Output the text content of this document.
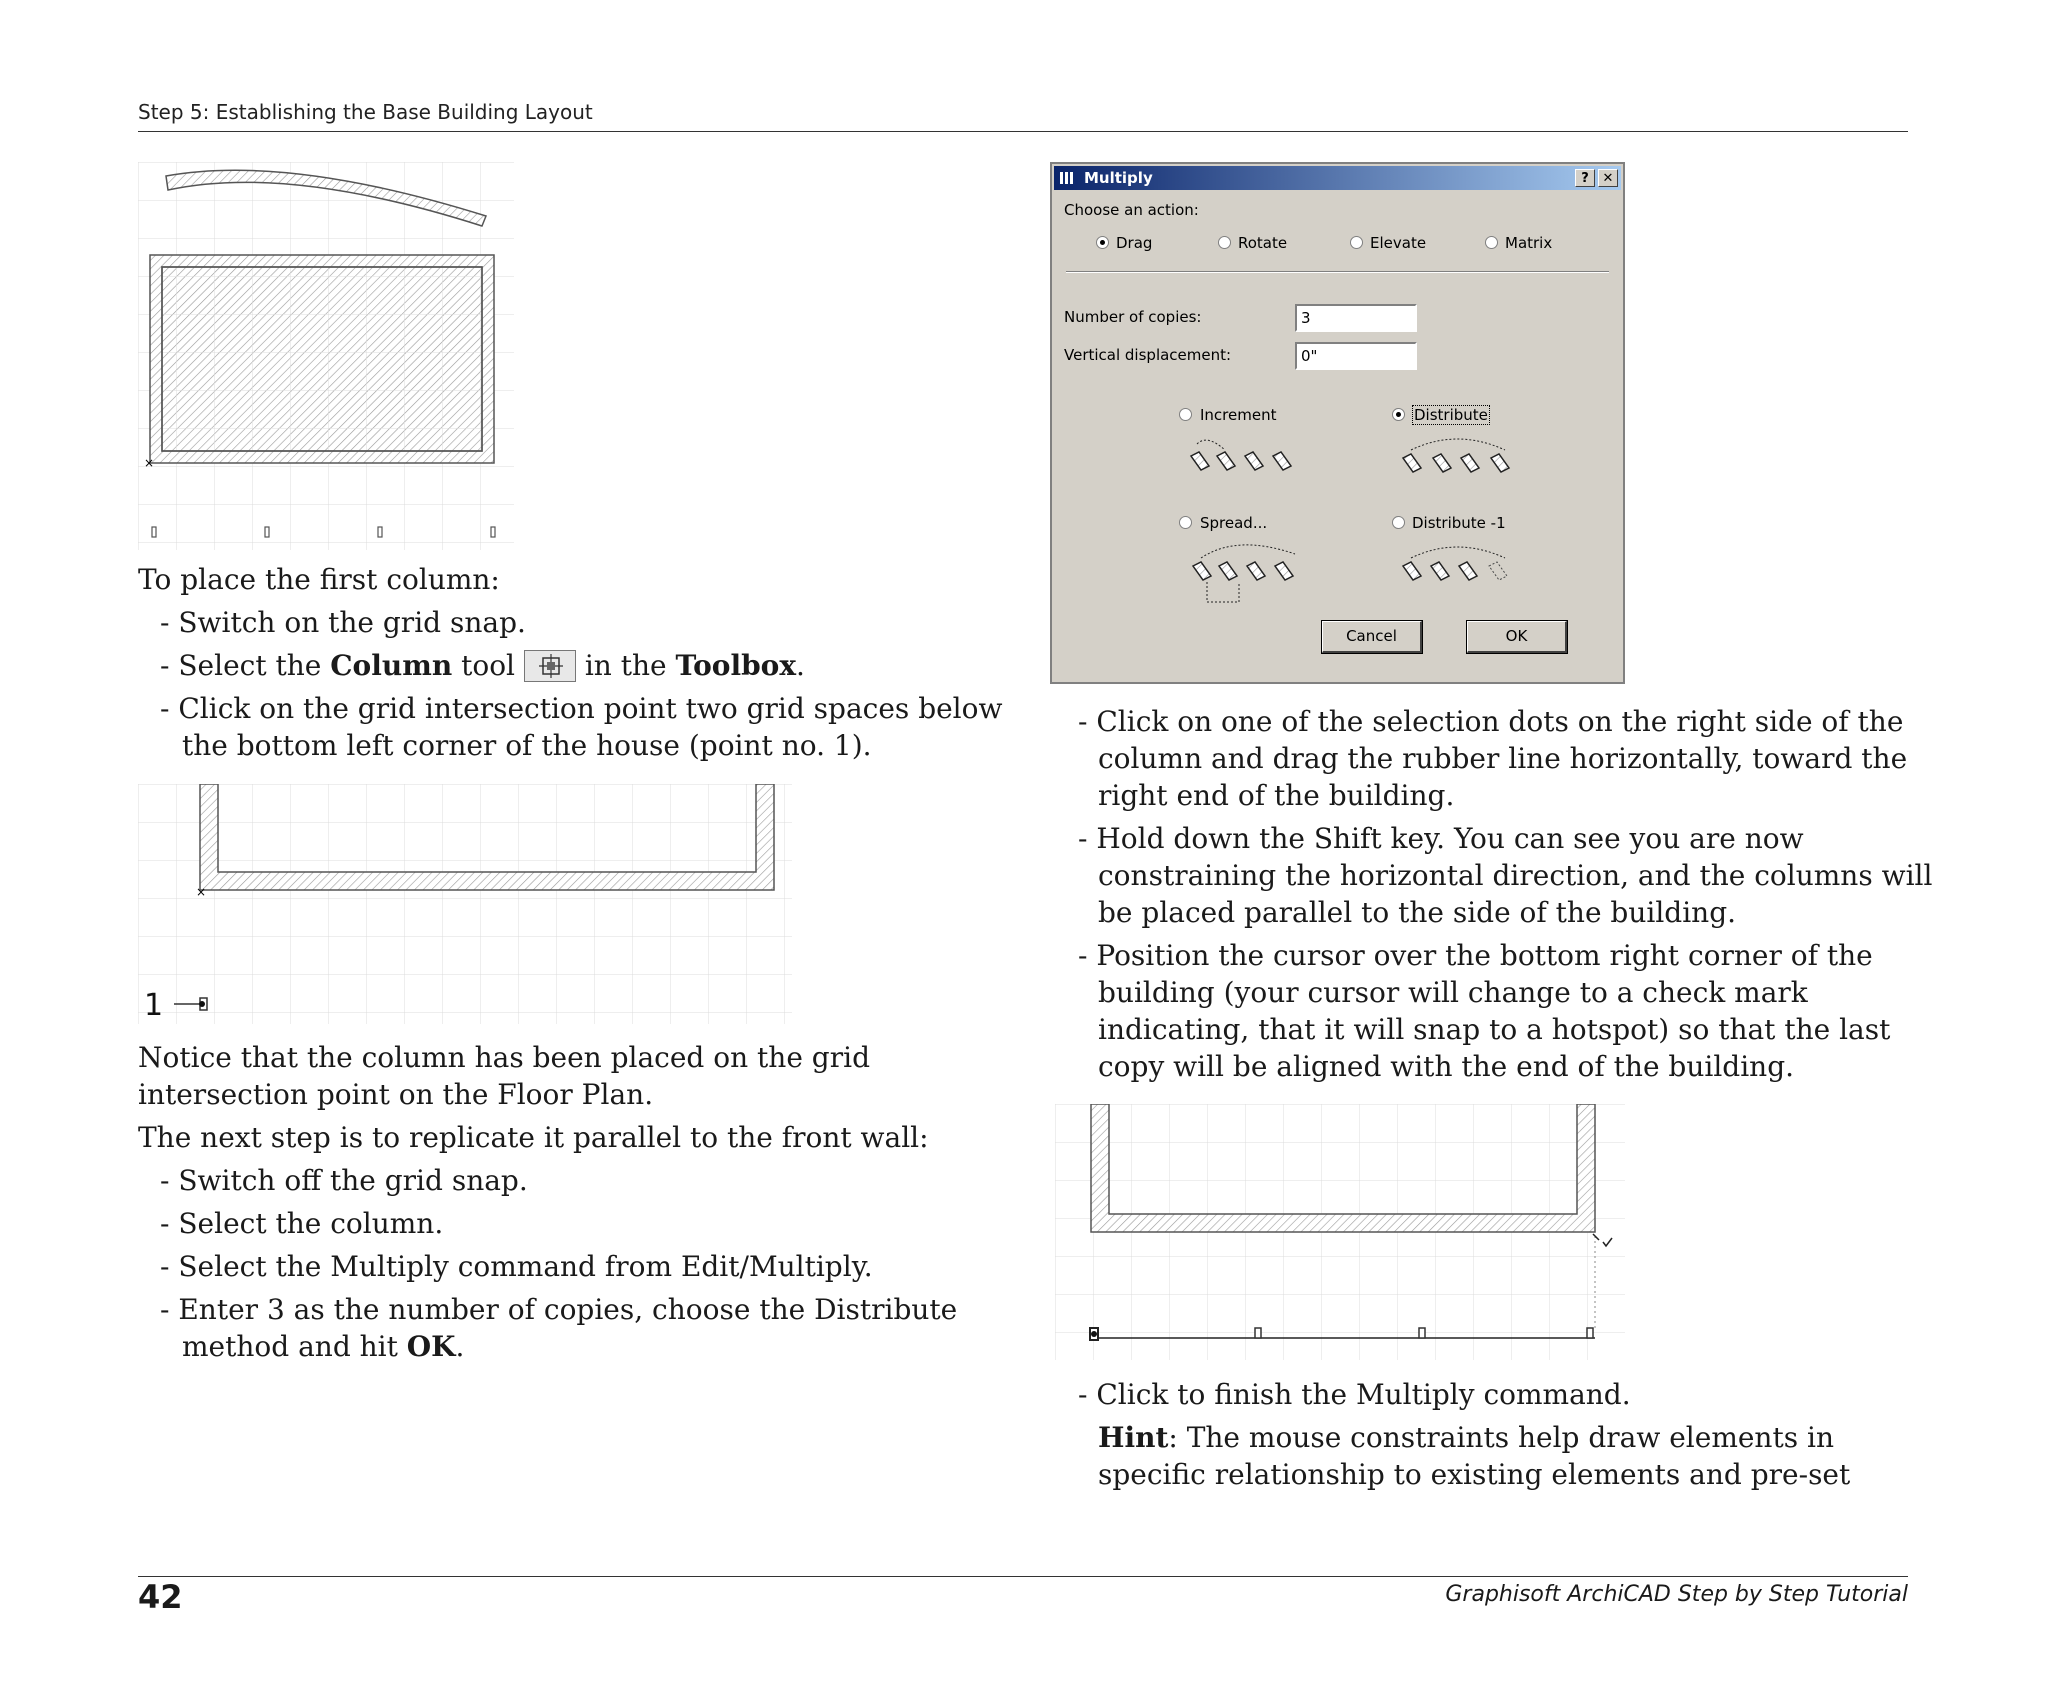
Step 5: Establishing the Base Building Layout
42	Graphisoft ArchiCAD Step by Step Tutorial
×
To place the first column:
- Switch on the grid snap.
- Select the Column tool
in the Toolbox.
- Click on the grid intersection point two grid spaces below
the bottom left corner of the house (point no. 1).
×
1
Notice that the column has been placed on the grid
intersection point on the Floor Plan.
The next step is to replicate it parallel to the front wall:
- Switch off the grid snap.
- Select the column.
- Select the Multiply command from Edit/Multiply.
- Enter 3 as the number of copies, choose the Distribute
method and hit OK.
Multiply	?	✕
Choose an action:
Drag	Rotate	Elevate	Matrix
Number of copies:	3
Vertical displacement:	0"
Increment	Distribute
Spread...	Distribute -1
Cancel	OK
- Click on one of the selection dots on the right side of the
column and drag the rubber line horizontally, toward the
right end of the building.
- Hold down the Shift key. You can see you are now
constraining the horizontal direction, and the columns will
be placed parallel to the side of the building.
- Position the cursor over the bottom right corner of the
building (your cursor will change to a check mark
indicating, that it will snap to a hotspot) so that the last
copy will be aligned with the end of the building.
- Click to finish the Multiply command.
Hint: The mouse constraints help draw elements in
specific relationship to existing elements and pre-set
